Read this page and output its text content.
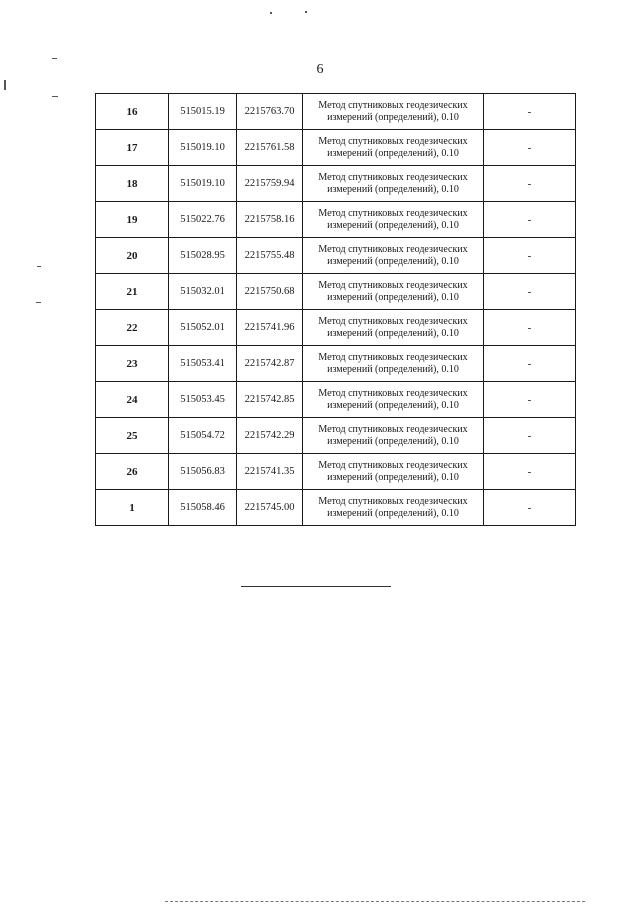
6
16	515015.19	2215763.70	Метод спутниковых геодезических
измерений (определений), 0.10	-
17	515019.10	2215761.58	Метод спутниковых геодезических
измерений (определений), 0.10	-
18	515019.10	2215759.94	Метод спутниковых геодезических
измерений (определений), 0.10	-
19	515022.76	2215758.16	Метод спутниковых геодезических
измерений (определений), 0.10	-
20	515028.95	2215755.48	Метод спутниковых геодезических
измерений (определений), 0.10	-
21	515032.01	2215750.68	Метод спутниковых геодезических
измерений (определений), 0.10	-
22	515052.01	2215741.96	Метод спутниковых геодезических
измерений (определений), 0.10	-
23	515053.41	2215742.87	Метод спутниковых геодезических
измерений (определений), 0.10	-
24	515053.45	2215742.85	Метод спутниковых геодезических
измерений (определений), 0.10	-
25	515054.72	2215742.29	Метод спутниковых геодезических
измерений (определений), 0.10	-
26	515056.83	2215741.35	Метод спутниковых геодезических
измерений (определений), 0.10	-
1	515058.46	2215745.00	Метод спутниковых геодезических
измерений (определений), 0.10	-
